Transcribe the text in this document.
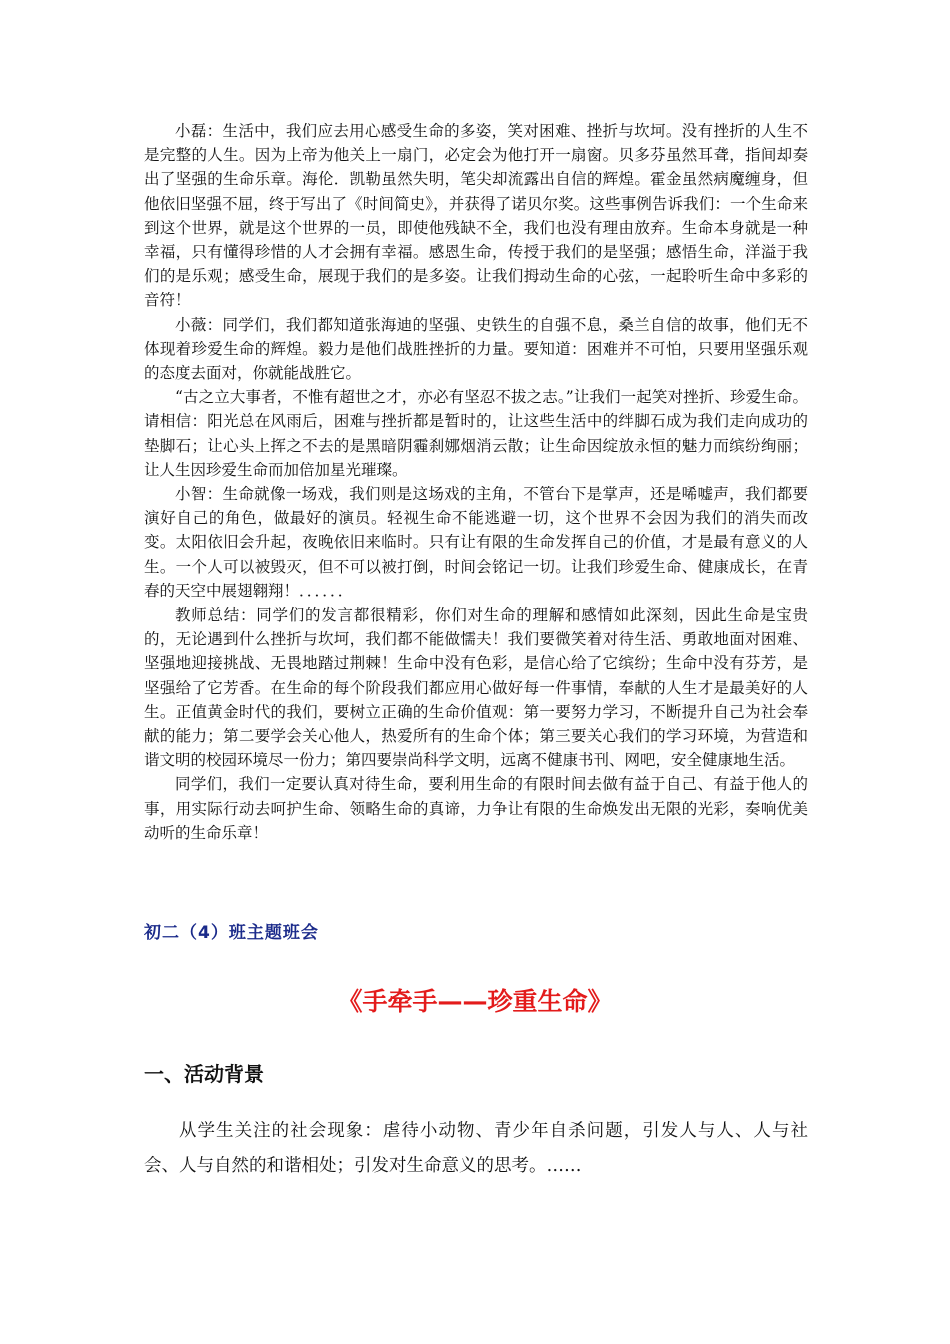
小磊：生活中，我们应去用心感受生命的多姿，笑对困难、挫折与坎坷。没有挫折的人生不是完整的人生。因为上帝为他关上一扇门，必定会为他打开一扇窗。贝多芬虽然耳聋，指间却奏出了坚强的生命乐章。海伦．凯勒虽然失明，笔尖却流露出自信的辉煌。霍金虽然病魔缠身，但他依旧坚强不屈，终于写出了《时间简史》，并获得了诺贝尔奖。这些事例告诉我们：一个生命来到这个世界，就是这个世界的一员，即使他残缺不全，我们也没有理由放弃。生命本身就是一种幸福，只有懂得珍惜的人才会拥有幸福。感恩生命，传授于我们的是坚强；感悟生命，洋溢于我们的是乐观；感受生命，展现于我们的是多姿。让我们拇动生命的心弦，一起聆听生命中多彩的音符！

小薇：同学们，我们都知道张海迪的坚强、史铁生的自强不息，桑兰自信的故事，他们无不体现着珍爱生命的辉煌。毅力是他们战胜挫折的力量。要知道：困难并不可怕，只要用坚强乐观的态度去面对，你就能战胜它。

“古之立大事者，不惟有超世之才，亦必有坚忍不拔之志。”让我们一起笑对挫折、珍爱生命。请相信：阳光总在风雨后，困难与挫折都是暂时的，让这些生活中的绊脚石成为我们走向成功的垫脚石；让心头上挥之不去的是黑暗阴霾刹娜烟消云散；让生命因绽放永恒的魅力而缤纷绚丽；让人生因珍爱生命而加倍加星光璀璨。

小智：生命就像一场戏，我们则是这场戏的主角，不管台下是掌声，还是唏嘘声，我们都要演好自己的角色，做最好的演员。轻视生命不能逃避一切，这个世界不会因为我们的消失而改变。太阳依旧会升起，夜晚依旧来临时。只有让有限的生命发挥自己的价值，才是最有意义的人生。一个人可以被毁灭，但不可以被打倒，时间会铭记一切。让我们珍爱生命、健康成长，在青春的天空中展翅翱翔！．．．．．．

教师总结：同学们的发言都很精彩，你们对生命的理解和感情如此深刻，因此生命是宝贵的，无论遇到什么挫折与坎坷，我们都不能做懦夫！我们要微笑着对待生活、勇敢地面对困难、坚强地迎接挑战、无畏地踏过荆棘！生命中没有色彩，是信心给了它缤纷；生命中没有芬芳，是坚强给了它芳香。在生命的每个阶段我们都应用心做好每一件事情，奉献的人生才是最美好的人生。正值黄金时代的我们，要树立正确的生命价值观：第一要努力学习，不断提升自己为社会奉献的能力；第二要学会关心他人，热爱所有的生命个体；第三要关心我们的学习环境，为营造和谐文明的校园环境尽一份力；第四要崇尚科学文明，远离不健康书刊、网吧，安全健康地生活。

同学们，我们一定要认真对待生命，要利用生命的有限时间去做有益于自己、有益于他人的事，用实际行动去呵护生命、领略生命的真谛，力争让有限的生命焕发出无限的光彩，奏响优美动听的生命乐章！

初二（4）班主题班会
《手牵手——珍重生命》
一、活动背景

从学生关注的社会现象：虐待小动物、青少年自杀问题，引发人与人、人与社会、人与自然的和谐相处；引发对生命意义的思考。……
